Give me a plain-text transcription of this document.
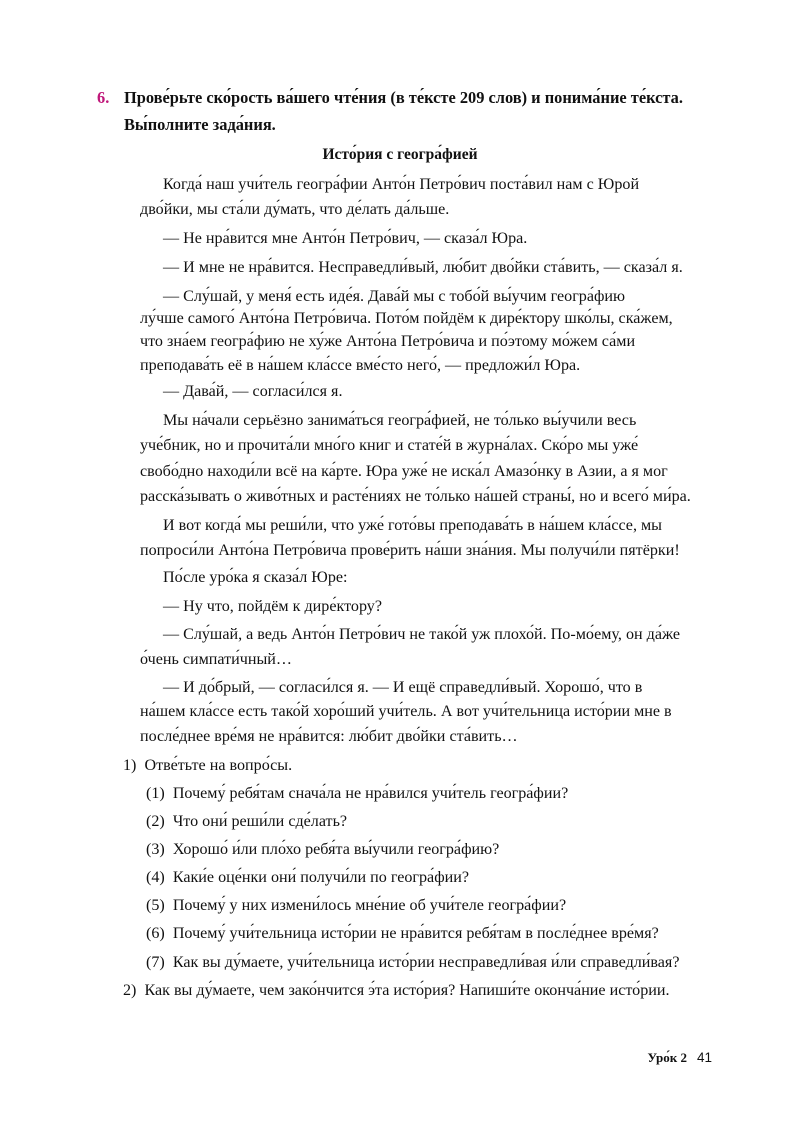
6. Прове́рьте ско́рость ва́шего чте́ния (в те́ксте 209 слов) и понима́ние те́кста. Вы́полните зада́ния.
Исто́рия с геогра́фией
Когда́ наш учи́тель геогра́фии Анто́н Петро́вич поста́вил нам с Юрой
дво́йки, мы ста́ли ду́мать, что де́лать да́льше.
— Не нра́вится мне Анто́н Петро́вич, — сказа́л Юра.
— И мне не нра́вится. Несправедли́вый, лю́бит дво́йки ста́вить, — сказа́л я.
— Слу́шай, у меня́ есть иде́я. Дава́й мы с тобо́й вы́учим геогра́фию
лу́чше самого́ Анто́на Петро́вича. Пото́м пойдём к дире́ктору шко́лы, ска́жем,
что зна́ем геогра́фию не ху́же Анто́на Петро́вича и по́этому мо́жем са́ми
преподава́ть её в на́шем кла́ссе вме́сто него́, — предложи́л Юра.
— Дава́й, — согласи́лся я.
Мы на́чали серьёзно занима́ться геогра́фией, не то́лько вы́учили весь
уче́бник, но и прочита́ли мно́го книг и стате́й в журна́лах. Ско́ро мы уже́
свобо́дно находи́ли всё на ка́рте. Юра уже́ не иска́л Амазо́нку в Азии, а я мог
расска́зывать о живо́тных и расте́ниях не то́лько на́шей страны́, но и всего́ ми́ра.
И вот когда́ мы реши́ли, что уже́ гото́вы преподава́ть в на́шем кла́ссе, мы
попроси́ли Анто́на Петро́вича прове́рить на́ши зна́ния. Мы получи́ли пятёрки!
По́сле уро́ка я сказа́л Юре:
— Ну что, пойдём к дире́ктору?
— Слу́шай, а ведь Анто́н Петро́вич не тако́й уж плохо́й. По-мо́ему, он да́же
о́чень симпати́чный…
— И до́брый, — согласи́лся я. — И ещё справедли́вый. Хорошо́, что в
на́шем кла́ссе есть тако́й хоро́ший учи́тель. А вот учи́тельница исто́рии мне в
после́днее вре́мя не нра́вится: лю́бит дво́йки ста́вить…
1) Отве́тьте на вопро́сы.
(1) Почему́ ребя́там снача́ла не нра́вился учи́тель геогра́фии?
(2) Что они́ реши́ли сде́лать?
(3) Хорошо́ и́ли пло́хо ребя́та вы́учили геогра́фию?
(4) Каки́е оце́нки они́ получи́ли по геогра́фии?
(5) Почему́ у них измени́лось мне́ние об учи́теле геогра́фии?
(6) Почему́ учи́тельница исто́рии не нра́вится ребя́там в после́днее вре́мя?
(7) Как вы ду́маете, учи́тельница исто́рии несправедли́вая и́ли справедли́вая?
2) Как вы ду́маете, чем зако́нчится э́та исто́рия? Напиши́те оконча́ние исто́рии.
Уро́к 2 41
